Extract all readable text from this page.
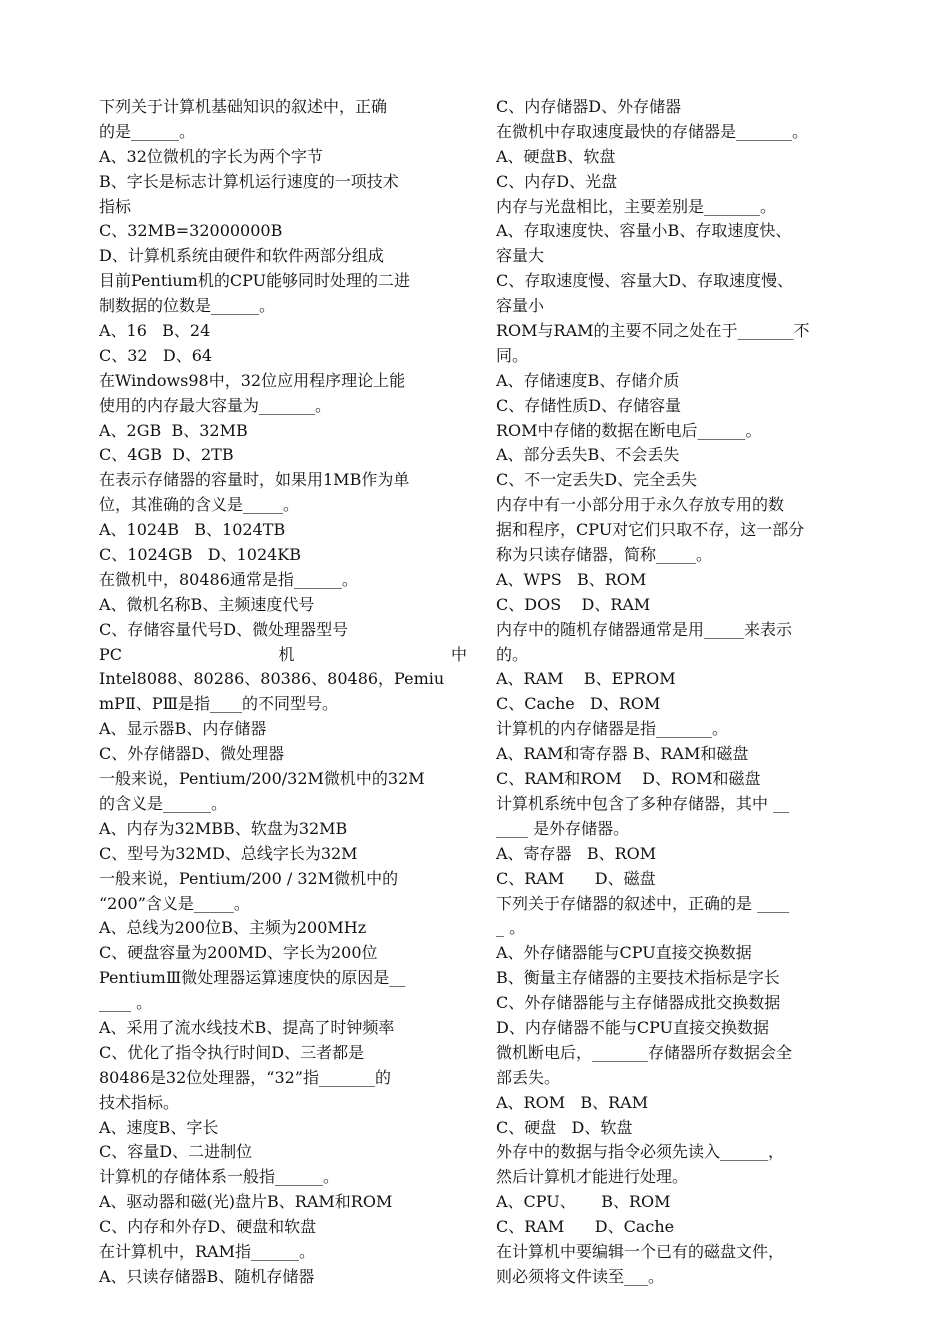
下列关于计算机基础知识的叙述中，正确
的是______。
A、32位微机的字长为两个字节
B、字长是标志计算机运行速度的一项技术
指标
C、32MB=32000000B
D、计算机系统由硬件和软件两部分组成
目前Pentium机的CPU能够同时处理的二进
制数据的位数是______。
A、16   B、24
C、32   D、64
在Windows98中，32位应用程序理论上能
使用的内存最大容量为_______。
A、2GB  B、32MB
C、4GB  D、2TB
在表示存储器的容量时，如果用1MB作为单
位，其准确的含义是_____。
A、1024B   B、1024TB
C、1024GB   D、1024KB
在微机中，80486通常是指______。
A、微机名称B、主频速度代号
C、存储容量代号D、微处理器型号
PC	机	中
Intel8088、80286、80386、80486，Pemiu
mPⅡ、PⅢ是指____的不同型号。
A、显示器B、内存储器
C、外存储器D、微处理器
一般来说，Pentium/200/32M微机中的32M
的含义是______。
A、内存为32MBB、软盘为32MB
C、型号为32MD、总线字长为32M
一般来说，Pentium/200 / 32M微机中的
“200”含义是_____。
A、总线为200位B、主频为200MHz
C、硬盘容量为200MD、字长为200位
PentiumⅢ微处理器运算速度快的原因是__
____ 。
A、采用了流水线技术B、提高了时钟频率
C、优化了指令执行时间D、三者都是
80486是32位处理器，“32”指_______的
技术指标。
A、速度B、字长
C、容量D、二进制位
计算机的存储体系一般指______。
A、驱动器和磁(光)盘片B、RAM和ROM
C、内存和外存D、硬盘和软盘
在计算机中，RAM指______。
A、只读存储器B、随机存储器
C、内存储器D、外存储器
在微机中存取速度最快的存储器是_______。
A、硬盘B、软盘
C、内存D、光盘
内存与光盘相比，主要差别是_______。
A、存取速度快、容量小B、存取速度快、
容量大
C、存取速度慢、容量大D、存取速度慢、
容量小
ROM与RAM的主要不同之处在于_______不
同。
A、存储速度B、存储介质
C、存储性质D、存储容量
ROM中存储的数据在断电后______。
A、部分丢失B、不会丢失
C、不一定丢失D、完全丢失
内存中有一小部分用于永久存放专用的数
据和程序，CPU对它们只取不存，这一部分
称为只读存储器，简称_____。
A、WPS   B、ROM
C、DOS    D、RAM
内存中的随机存储器通常是用_____来表示
的。
A、RAM    B、EPROM
C、Cache   D、ROM
计算机的内存储器是指_______。
A、RAM和寄存器 B、RAM和磁盘
C、RAM和ROM    D、ROM和磁盘
计算机系统中包含了多种存储器，其中 __
____ 是外存储器。
A、寄存器   B、ROM
C、RAM      D、磁盘
下列关于存储器的叙述中，正确的是 ____
_ 。
A、外存储器能与CPU直接交换数据
B、衡量主存储器的主要技术指标是字长
C、外存储器能与主存储器成批交换数据
D、内存储器不能与CPU直接交换数据
微机断电后，_______存储器所存数据会全
部丢失。
A、ROM   B、RAM
C、硬盘   D、软盘
外存中的数据与指令必须先读入______，
然后计算机才能进行处理。
A、CPU、     B、ROM
C、RAM      D、Cache
在计算机中要编辑一个已有的磁盘文件，
则必须将文件读至___。
